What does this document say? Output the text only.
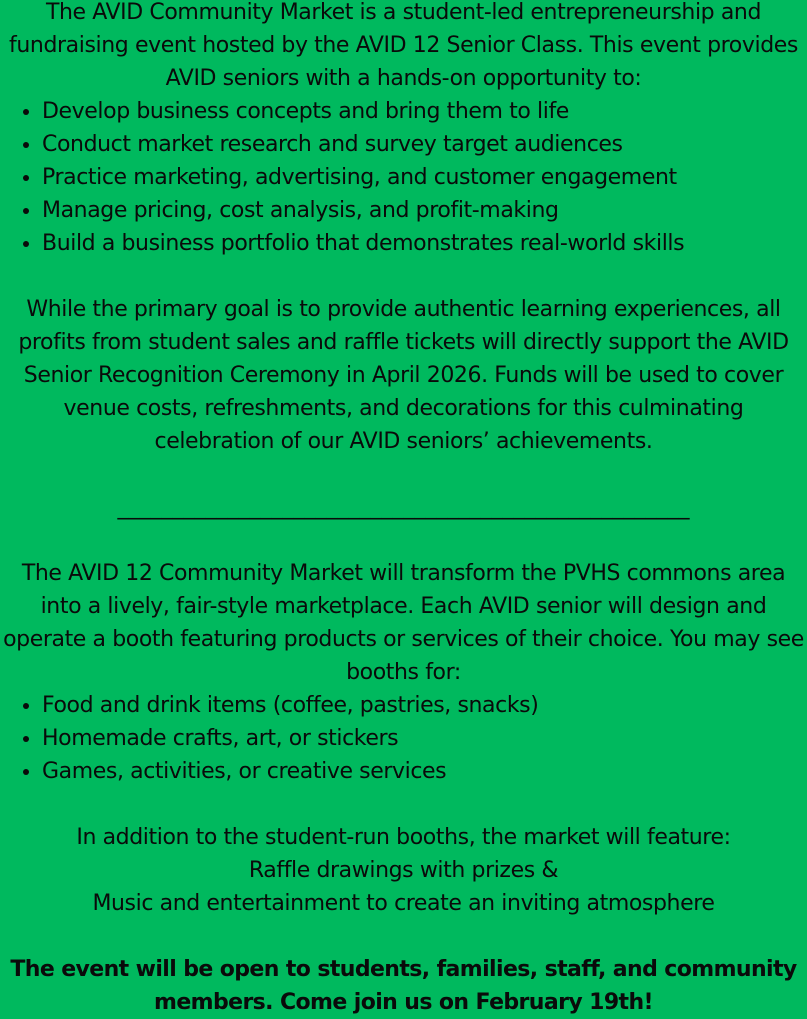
The AVID Community Market is a student-led entrepreneurship and fundraising event hosted by the AVID 12 Senior Class. This event provides AVID seniors with a hands-on opportunity to:

• Develop business concepts and bring them to life
• Conduct market research and survey target audiences
• Practice marketing, advertising, and customer engagement
• Manage pricing, cost analysis, and profit-making
• Build a business portfolio that demonstrates real-world skills

While the primary goal is to provide authentic learning experiences, all profits from student sales and raffle tickets will directly support the AVID Senior Recognition Ceremony in April 2026. Funds will be used to cover venue costs, refreshments, and decorations for this culminating celebration of our AVID seniors’ achievements.

____________________________________________________

The AVID 12 Community Market will transform the PVHS commons area into a lively, fair-style marketplace. Each AVID senior will design and operate a booth featuring products or services of their choice. You may see booths for:

• Food and drink items (coffee, pastries, snacks)
• Homemade crafts, art, or stickers
• Games, activities, or creative services

In addition to the student-run booths, the market will feature:

Raffle drawings with prizes &

Music and entertainment to create an inviting atmosphere

The event will be open to students, families, staff, and community members. Come join us on February 19th!
